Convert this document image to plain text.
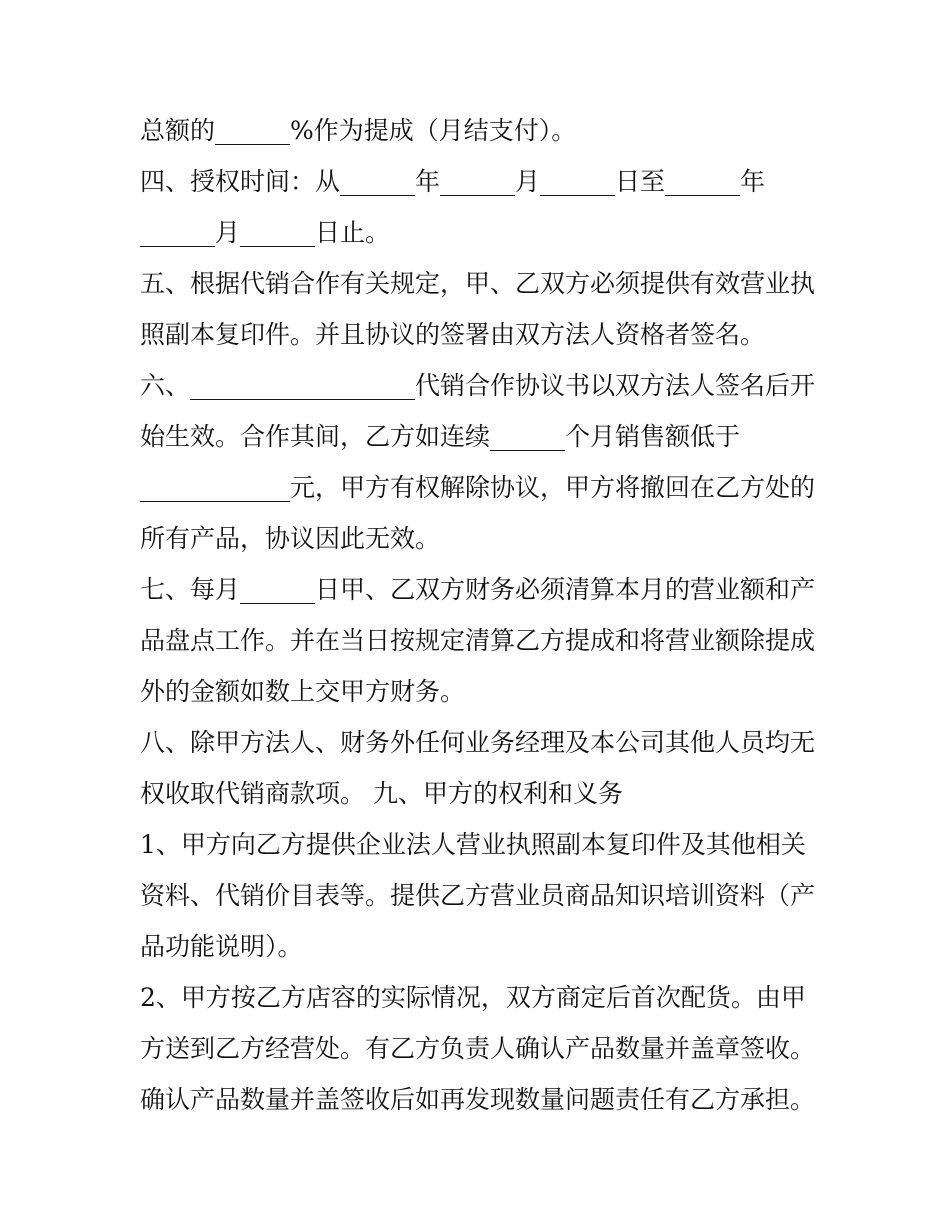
总额的______%作为提成（月结支付）。
四、授权时间：从______年______月______日至______年
______月______日止。
五、根据代销合作有关规定，甲、乙双方必须提供有效营业执
照副本复印件。并且协议的签署由双方法人资格者签名。
六、__________________代销合作协议书以双方法人签名后开
始生效。合作其间，乙方如连续______个月销售额低于
____________元，甲方有权解除协议，甲方将撤回在乙方处的
所有产品，协议因此无效。
七、每月______日甲、乙双方财务必须清算本月的营业额和产
品盘点工作。并在当日按规定清算乙方提成和将营业额除提成
外的金额如数上交甲方财务。
八、除甲方法人、财务外任何业务经理及本公司其他人员均无
权收取代销商款项。 九、甲方的权利和义务
1、甲方向乙方提供企业法人营业执照副本复印件及其他相关
资料、代销价目表等。提供乙方营业员商品知识培训资料（产
品功能说明）。
2、甲方按乙方店容的实际情况，双方商定后首次配货。由甲
方送到乙方经营处。有乙方负责人确认产品数量并盖章签收。
确认产品数量并盖签收后如再发现数量问题责任有乙方承担。
